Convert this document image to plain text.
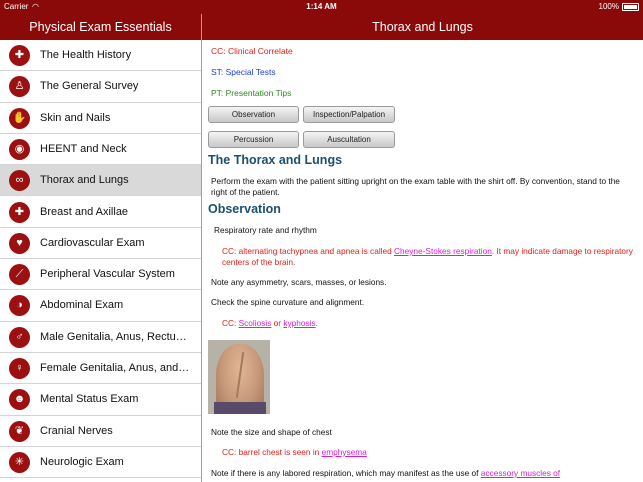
Carrier ◠	1:14 AM	100%
Physical Exam Essentials	Thorax and Lungs
✚	The Health History
♙	The General Survey
✋	Skin and Nails
◉	HEENT and Neck
∞	Thorax and Lungs
✚	Breast and Axillae
♥	Cardiovascular Exam
⟋	Peripheral Vascular System
◑	Abdominal Exam
♂	Male Genitalia, Anus, Rectu…
♀	Female Genitalia, Anus, and…
☻	Mental Status Exam
❦	Cranial Nerves
✳	Neurologic Exam
CC: Clinical Correlate
ST: Special Tests
PT: Presentation Tips
Observation	Inspection/Palpation
Percussion	Auscultation
The Thorax and Lungs
Perform the exam with the patient sitting upright on the exam table with the shirt off. By convention, stand to the right of the patient.
Observation
Respiratory rate and rhythm
CC: alternating tachypnea and apnea is called Cheyne-Stokes respiration. It may indicate damage to respiratory centers of the brain.
Note any asymmetry, scars, masses, or lesions.
Check the spine curvature and alignment.
CC: Scoliosis or kyphosis.
Note the size and shape of chest
CC: barrel chest is seen in emphysema
Note if there is any labored respiration, which may manifest as the use of accessory muscles of
